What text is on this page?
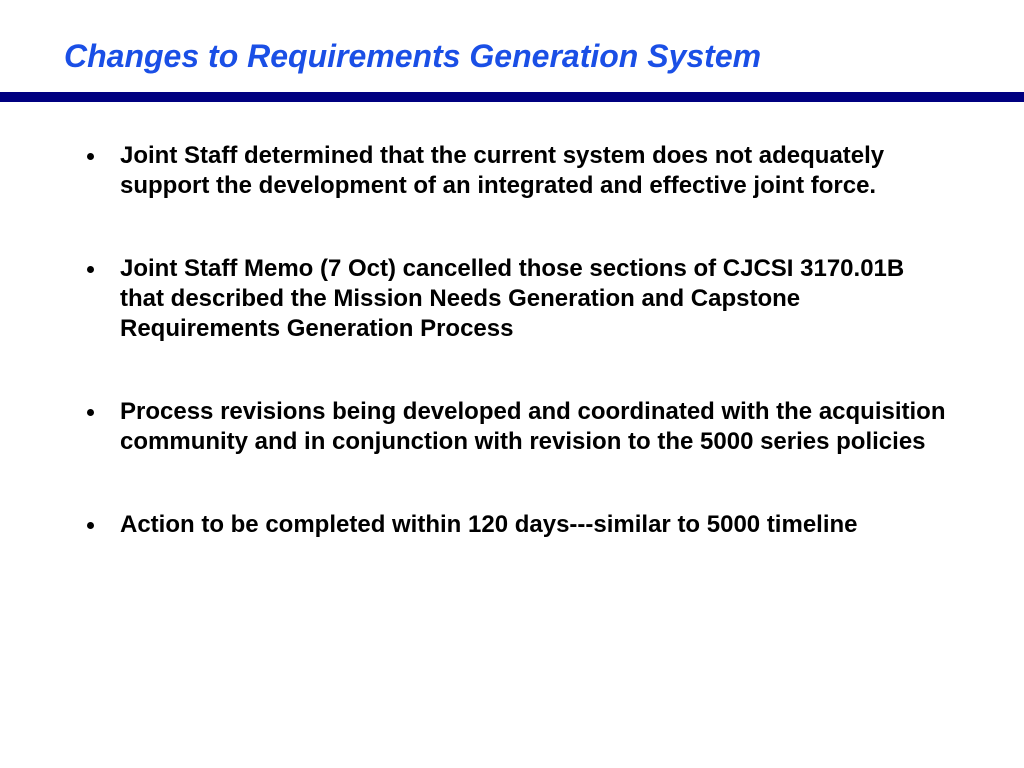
Changes to Requirements Generation System
Joint Staff determined that the current system does not adequately support the development of an integrated and effective joint force.
Joint Staff Memo (7 Oct) cancelled those sections of CJCSI 3170.01B that described the Mission Needs Generation and Capstone Requirements Generation Process
Process revisions being developed and coordinated with the acquisition community and in conjunction with revision to the 5000 series policies
Action to be completed within 120 days---similar to 5000 timeline
